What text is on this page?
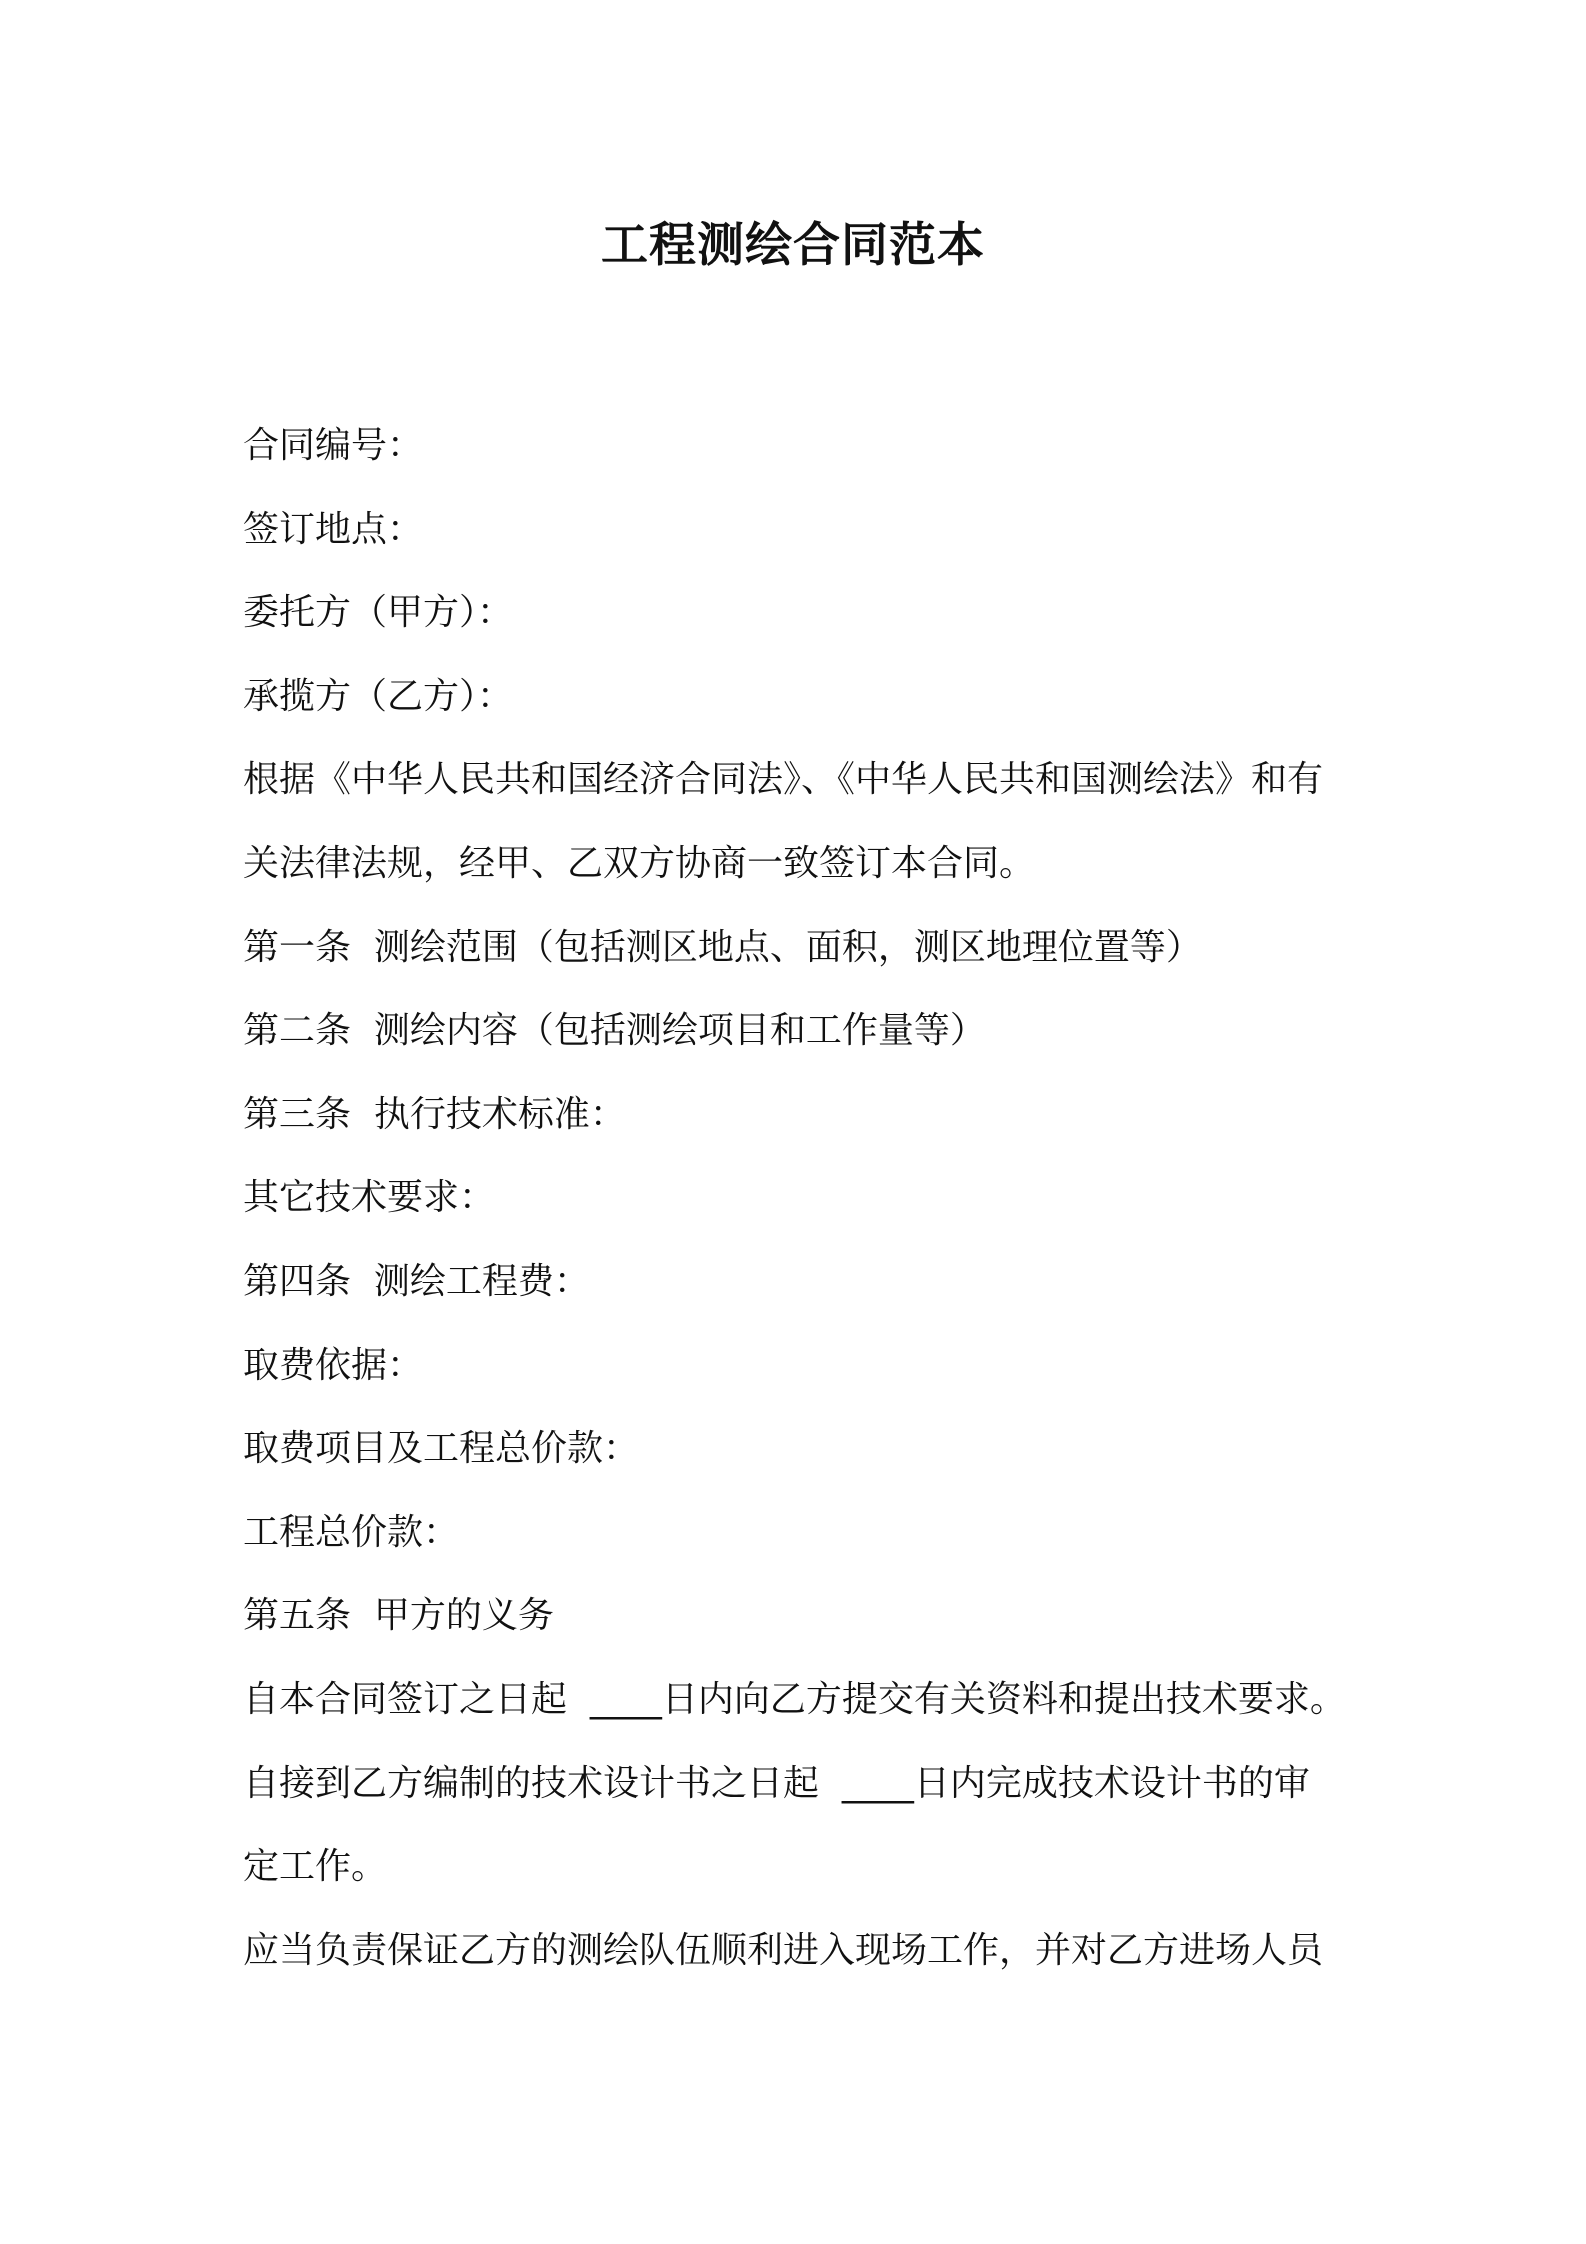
工程测绘合同范本
合同编号：
签订地点：
委托方（甲方）：
承揽方（乙方）：
根据《中华人民共和国经济合同法》、《中华人民共和国测绘法》和有
关法律法规，经甲、乙双方协商一致签订本合同。
第一条  测绘范围（包括测区地点、面积，测区地理位置等）
第二条  测绘内容（包括测绘项目和工作量等）
第三条  执行技术标准：
其它技术要求：
第四条  测绘工程费：
取费依据：
取费项目及工程总价款：
工程总价款：
第五条  甲方的义务
自本合同签订之日起  ____日内向乙方提交有关资料和提出技术要求。
自接到乙方编制的技术设计书之日起  ____日内完成技术设计书的审
定工作。
应当负责保证乙方的测绘队伍顺利进入现场工作，并对乙方进场人员
